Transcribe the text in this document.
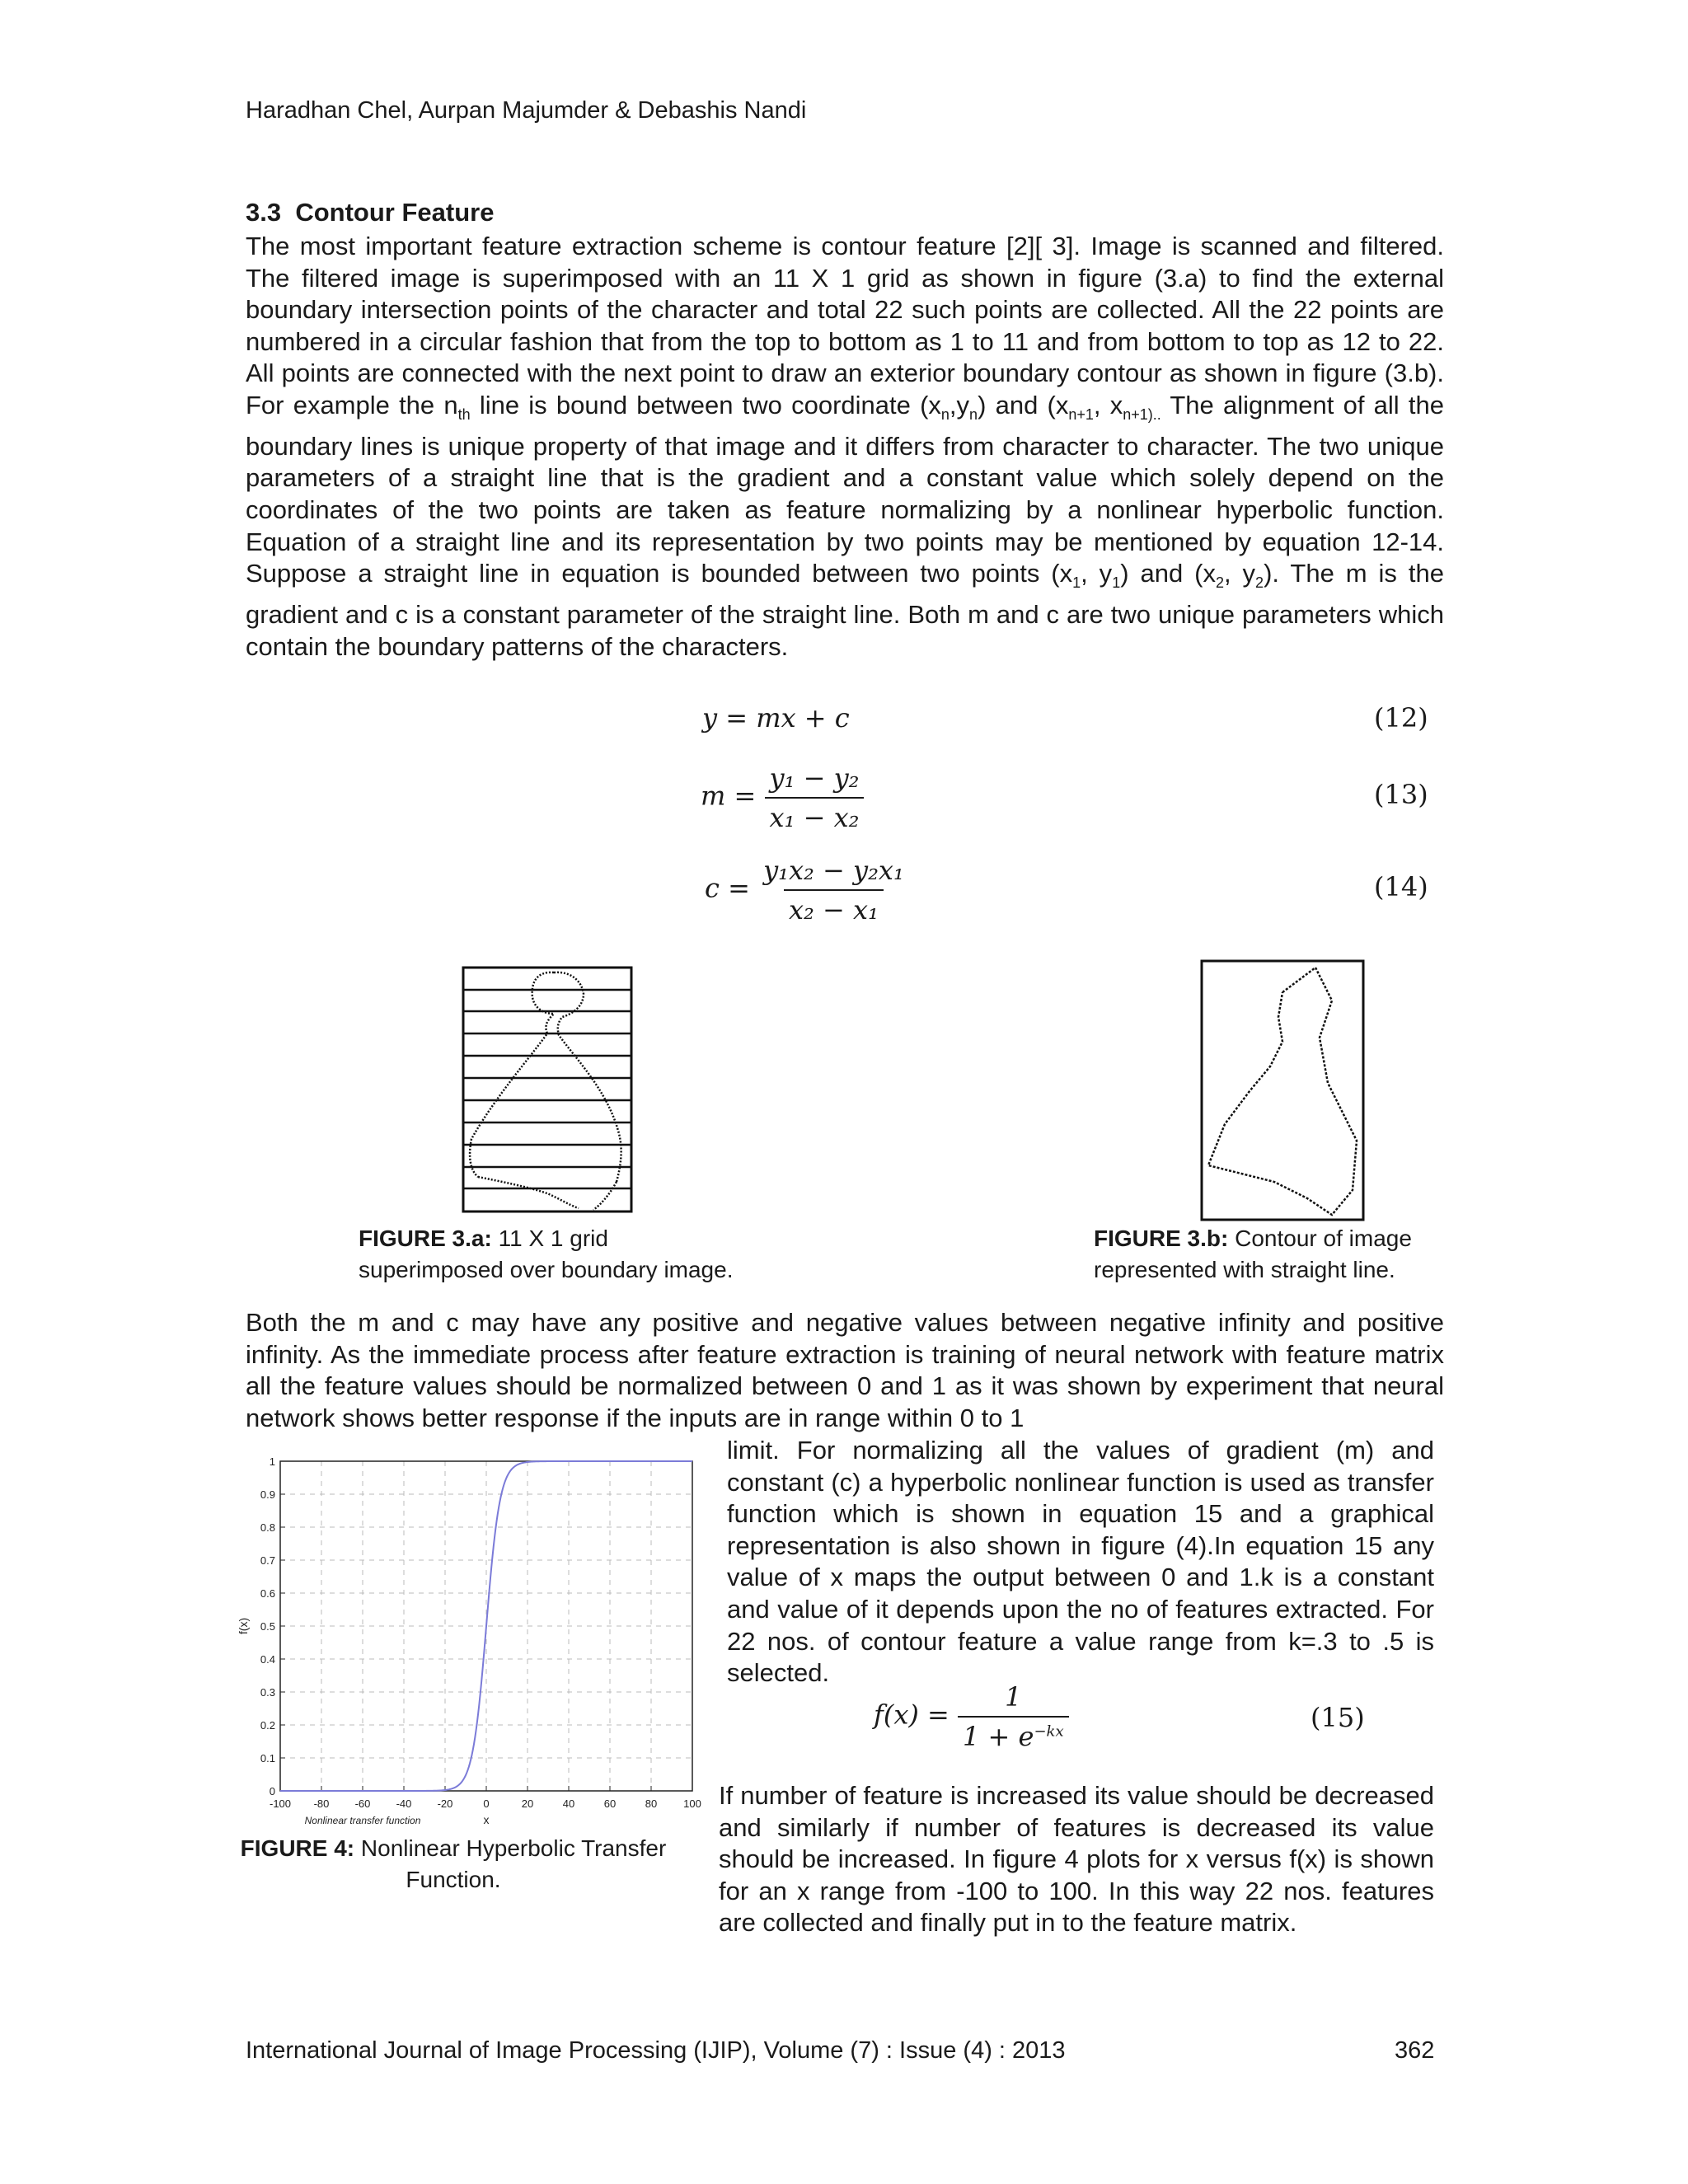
Haradhan Chel, Aurpan Majumder & Debashis Nandi
3.3 Contour Feature

The most important feature extraction scheme is contour feature [2][ 3]. Image is scanned and filtered. The filtered image is superimposed with an 11 X 1 grid as shown in figure (3.a) to find the external boundary intersection points of the character and total 22 such points are collected. All the 22 points are numbered in a circular fashion that from the top to bottom as 1 to 11 and from bottom to top as 12 to 22. All points are connected with the next point to draw an exterior boundary contour as shown in figure (3.b). For example the $n_{th}$ line is bound between two coordinate $(x_n,y_n)$ and ($x_{n+1}$, $x_{n+1)..}$ The alignment of all the boundary lines is unique property of that image and it differs from character to character. The two unique parameters of a straight line that is the gradient and a constant value which solely depend on the coordinates of the two points are taken as feature normalizing by a nonlinear hyperbolic function. Equation of a straight line and its representation by two points may be mentioned by equation 12-14. Suppose a straight line in equation is bounded between two points ($x_1$, $y_1$) and ($x_2$, $y_2$). The m is the gradient and c is a constant parameter of the straight line. Both m and c are two unique parameters which contain the boundary patterns of the characters.

y = mx + c	(12)
$m = \frac{\text{y₁ − y₂}}{\text{x₁ − x₂}}$	(13)
$c = \frac{\text{y₁x₂ − y₂x₁}}{\text{x₂ − x₁}}$	(14)
FIGURE 3.a: 11 X 1 grid
superimposed over boundary image.
FIGURE 3.b: Contour of image
represented with straight line.
Both the m and c may have any positive and negative values between negative infinity and positive infinity. As the immediate process after feature extraction is training of neural network with feature matrix all the feature values should be normalized between 0 and 1 as it was shown by experiment that neural network shows better response if the inputs are in range within 0 to 1
limit. For normalizing all the values of gradient (m) and constant (c) a hyperbolic nonlinear function is used as transfer function which is shown in equation 15 and a graphical representation is also shown in figure (4).In equation 15 any value of x maps the output between 0 and 1.k is a constant and value of it depends upon the no of features extracted. For 22 nos. of contour feature a value range from k=.3 to .5 is selected.
$f(x) = \frac{1}{1 + e^{-kx}}$	(15)
If number of feature is increased its value should be decreased and similarly if number of features is decreased its value should be increased. In figure 4 plots for x versus f(x) is shown for an x range from -100 to 100. In this way 22 nos. features are collected and finally put in to the feature matrix.
-100 -80 -60 -40 -20	0	20	40	60	80 100
0
0.1
0.2
0.3
0.4
0.5
0.6
0.7
0.8
0.9
1
f(x)
x
Nonlinear transfer function
FIGURE 4: Nonlinear Hyperbolic Transfer
Function.
International Journal of Image Processing (IJIP), Volume (7) : Issue (4) : 2013	362
